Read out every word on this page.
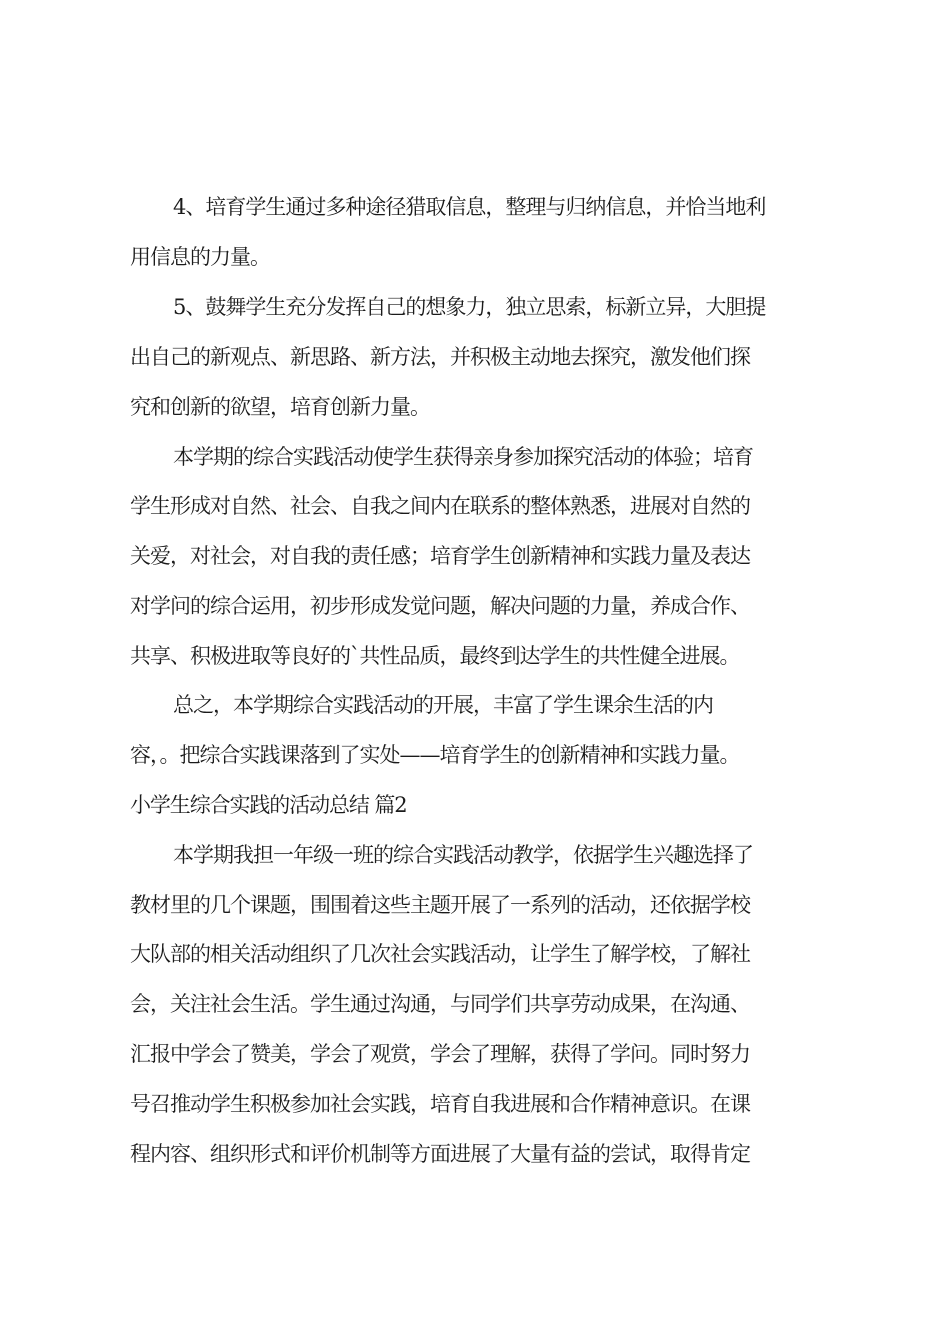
4、培育学生通过多种途径猎取信息，整理与归纳信息，并恰当地利
用信息的力量。
5、鼓舞学生充分发挥自己的想象力，独立思索，标新立异，大胆提
出自己的新观点、新思路、新方法，并积极主动地去探究，激发他们探
究和创新的欲望，培育创新力量。
本学期的综合实践活动使学生获得亲身参加探究活动的体验；培育
学生形成对自然、社会、自我之间内在联系的整体熟悉，进展对自然的
关爱，对社会，对自我的责任感；培育学生创新精神和实践力量及表达
对学问的综合运用，初步形成发觉问题，解决问题的力量，养成合作、
共享、积极进取等良好的`共性品质，最终到达学生的共性健全进展。
总之，本学期综合实践活动的开展，丰富了学生课余生活的内
容，。把综合实践课落到了实处——培育学生的创新精神和实践力量。
小学生综合实践的活动总结 篇2
本学期我担一年级一班的综合实践活动教学，依据学生兴趣选择了
教材里的几个课题，围围着这些主题开展了一系列的活动，还依据学校
大队部的相关活动组织了几次社会实践活动，让学生了解学校，了解社
会，关注社会生活。学生通过沟通，与同学们共享劳动成果，在沟通、
汇报中学会了赞美，学会了观赏，学会了理解，获得了学问。同时努力
号召推动学生积极参加社会实践，培育自我进展和合作精神意识。在课
程内容、组织形式和评价机制等方面进展了大量有益的尝试，取得肯定
